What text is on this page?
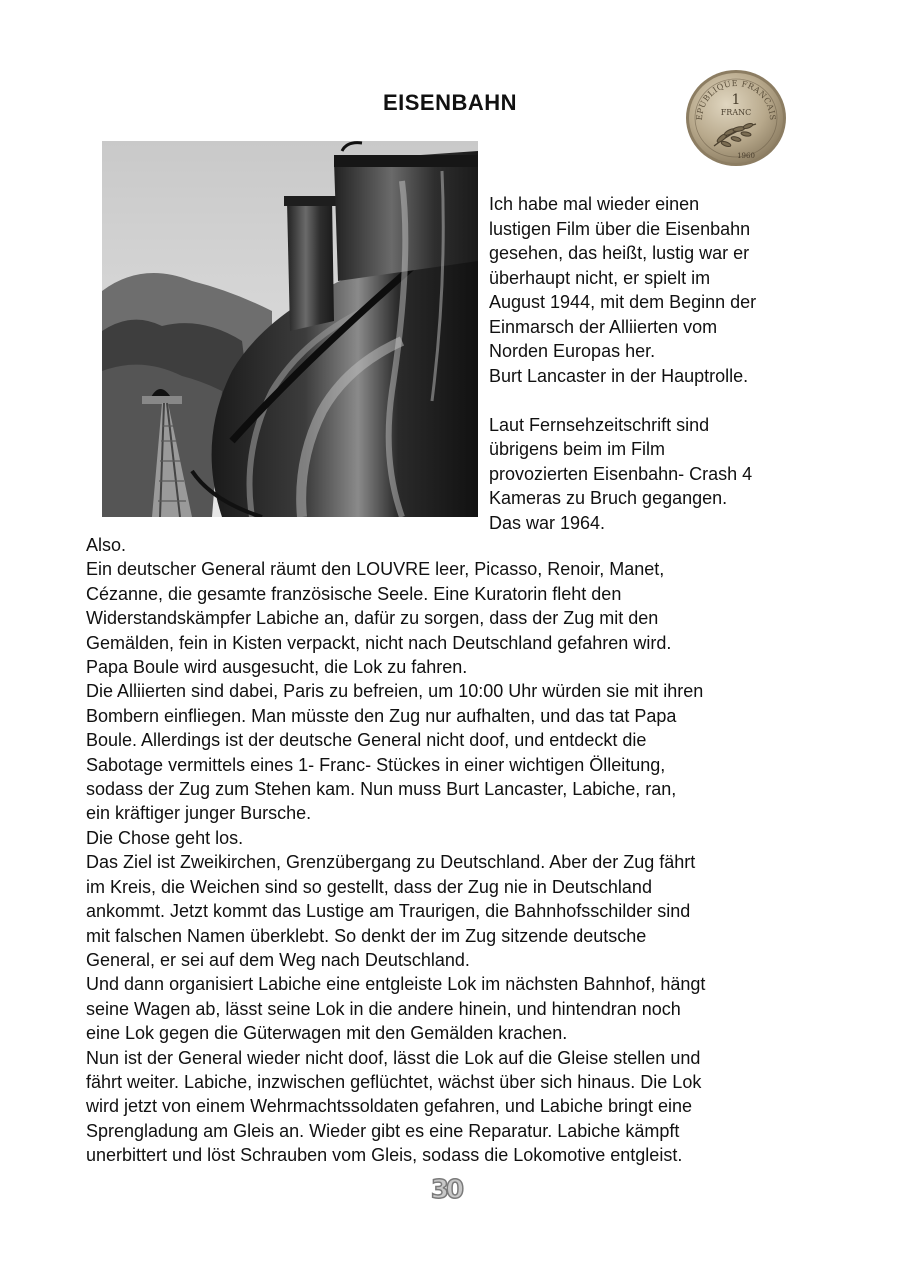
EISENBAHN
EPUBLIQUE FRANCAIS
1
FRANC
1960

Ich habe mal wieder einen

lustigen Film über die Eisenbahn

gesehen, das heißt, lustig war er

überhaupt nicht, er spielt im

August 1944, mit dem Beginn der

Einmarsch der Alliierten vom

Norden Europas her.

Burt Lancaster in der Hauptrolle.

Laut Fernsehzeitschrift sind

übrigens beim im Film

provozierten Eisenbahn- Crash 4

Kameras zu Bruch gegangen.

Das war 1964.

Also.
Ein deutscher General räumt den LOUVRE leer, Picasso, Renoir, Manet,
Cézanne, die gesamte französische Seele. Eine Kuratorin fleht den
Widerstandskämpfer Labiche an, dafür zu sorgen, dass der Zug mit den
Gemälden, fein in Kisten verpackt, nicht nach Deutschland gefahren wird.
Papa Boule wird ausgesucht, die Lok zu fahren.
Die Alliierten sind dabei, Paris zu befreien, um 10:00 Uhr würden sie mit ihren
Bombern einfliegen. Man müsste den Zug nur aufhalten, und das tat Papa
Boule. Allerdings ist der deutsche General nicht doof, und entdeckt die
Sabotage vermittels eines 1- Franc- Stückes in einer wichtigen Ölleitung,
sodass der Zug zum Stehen kam. Nun muss Burt Lancaster, Labiche, ran,
ein kräftiger junger Bursche.
Die Chose geht los.
Das Ziel ist Zweikirchen, Grenzübergang zu Deutschland. Aber der Zug fährt
im Kreis, die Weichen sind so gestellt, dass der Zug nie in Deutschland
ankommt. Jetzt kommt das Lustige am Traurigen, die Bahnhofsschilder sind
mit falschen Namen überklebt. So denkt der im Zug sitzende deutsche
General, er sei auf dem Weg nach Deutschland.
Und dann organisiert Labiche eine entgleiste Lok im nächsten Bahnhof, hängt
seine Wagen ab, lässt seine Lok in die andere hinein, und hintendran noch
eine Lok gegen die Güterwagen mit den Gemälden krachen.
Nun ist der General wieder nicht doof, lässt die Lok auf die Gleise stellen und
fährt weiter. Labiche, inzwischen geflüchtet, wächst über sich hinaus. Die Lok
wird jetzt von einem Wehrmachtssoldaten gefahren, und Labiche bringt eine
Sprengladung am Gleis an. Wieder gibt es eine Reparatur. Labiche kämpft
unerbittert und löst Schrauben vom Gleis, sodass die Lokomotive entgleist.
30
